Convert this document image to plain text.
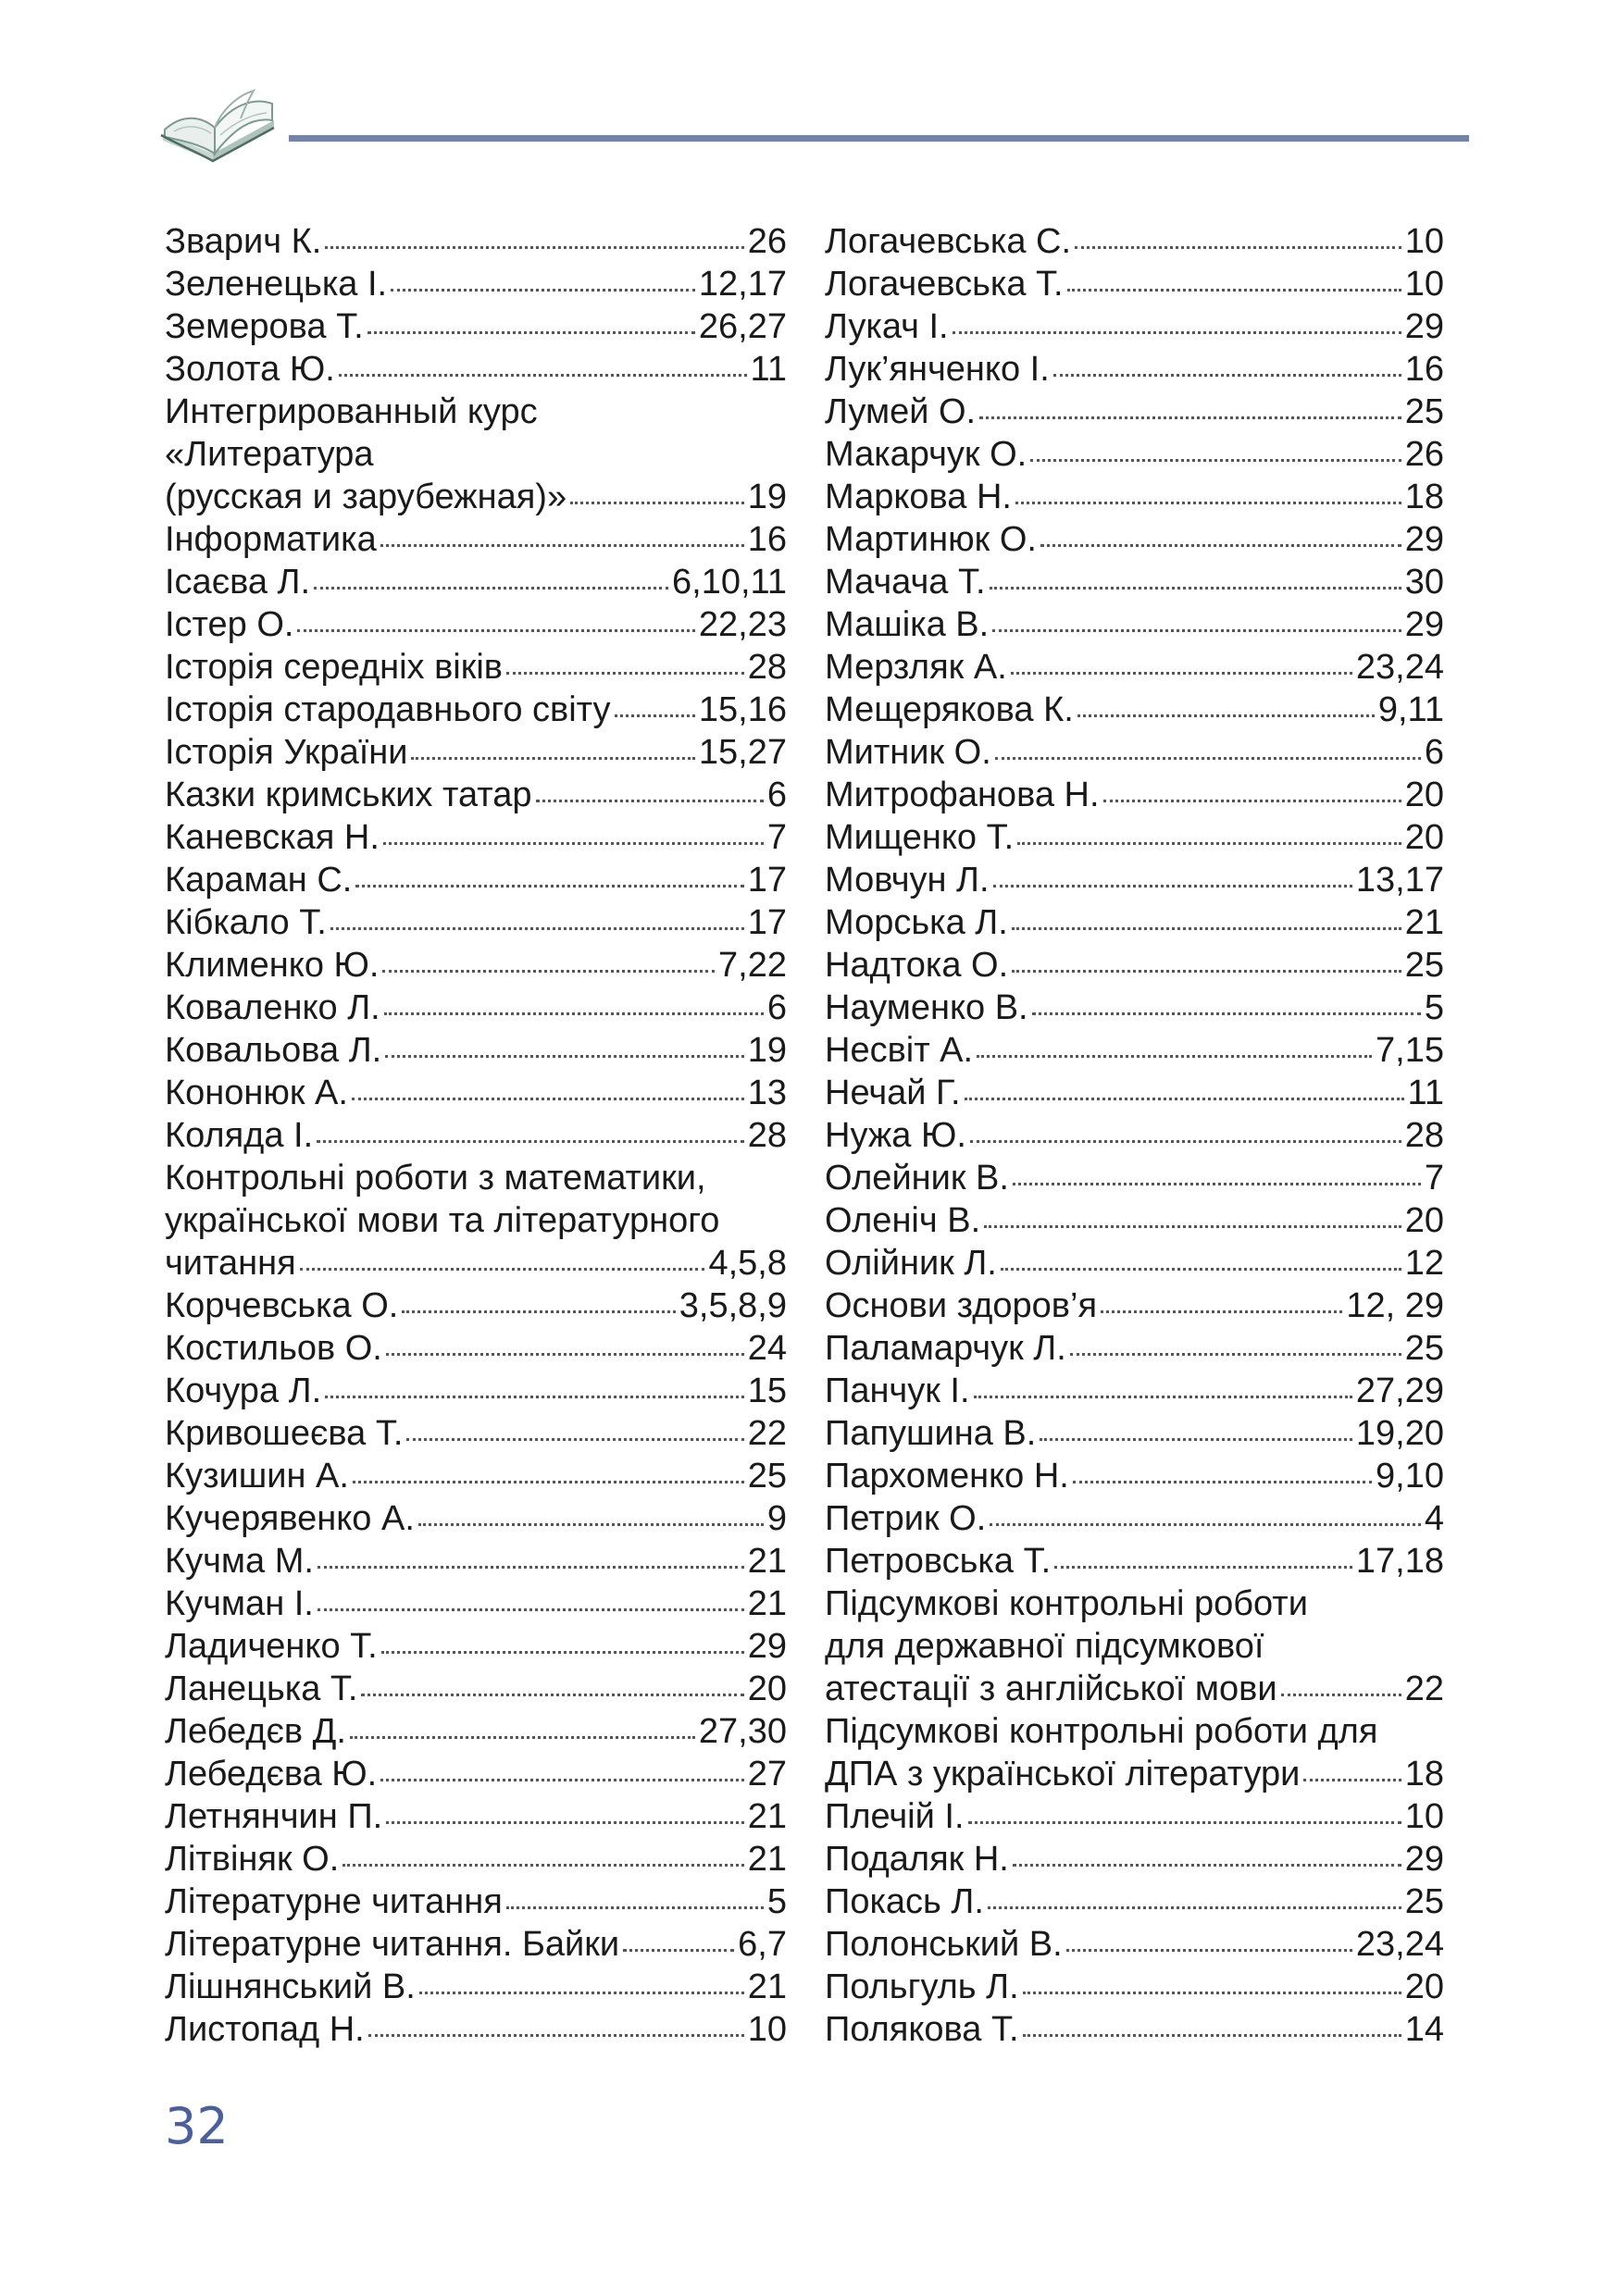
Зварич К.	26
Зеленецька І.	12,17
Земерова Т.	26,27
Золота Ю.	11
Интегрированный курс
«Литература
(русская и зарубежная)»	19
Інформатика	16
Ісаєва Л.	6,10,11
Істер О.	22,23
Історія середніх віків	28
Історія стародавнього світу	15,16
Історія України	15,27
Казки кримських татар	6
Каневская Н.	7
Караман С.	17
Кібкало Т.	17
Клименко Ю.	7,22
Коваленко Л.	6
Ковальова Л.	19
Кононюк А.	13
Коляда І.	28
Контрольні роботи з математики,
української мови та літературного
читання	4,5,8
Корчевська О.	3,5,8,9
Костильов О.	24
Кочура Л.	15
Кривошеєва Т.	22
Кузишин А.	25
Кучерявенко А.	9
Кучма М.	21
Кучман І.	21
Ладиченко Т.	29
Ланецька Т.	20
Лебедєв Д.	27,30
Лебедєва Ю.	27
Летнянчин П.	21
Літвіняк О.	21
Літературне читання	5
Літературне читання. Байки	6,7
Лішнянський В.	21
Листопад Н.	10
Логачевська С.	10
Логачевська Т.	10
Лукач І.	29
Лук’янченко І.	16
Лумей О.	25
Макарчук О.	26
Маркова Н.	18
Мартинюк О.	29
Мачача Т.	30
Машіка В.	29
Мерзляк А.	23,24
Мещерякова К.	9,11
Митник О.	6
Митрофанова Н.	20
Мищенко Т.	20
Мовчун Л.	13,17
Морська Л.	21
Надтока О.	25
Науменко В.	5
Несвіт А.	7,15
Нечай Г.	11
Нужа Ю.	28
Олейник В.	7
Оленіч В.	20
Олійник Л.	12
Основи здоров’я	12, 29
Паламарчук Л.	25
Панчук І.	27,29
Папушина В.	19,20
Пархоменко Н.	9,10
Петрик О.	4
Петровська Т.	17,18
Підсумкові контрольні роботи
для державної підсумкової
атестації з англійської мови	22
Підсумкові контрольні роботи для
ДПА з української літератури	18
Плечій І.	10
Подаляк Н.	29
Покась Л.	25
Полонський В.	23,24
Польгуль Л.	20
Полякова Т.	14
32
